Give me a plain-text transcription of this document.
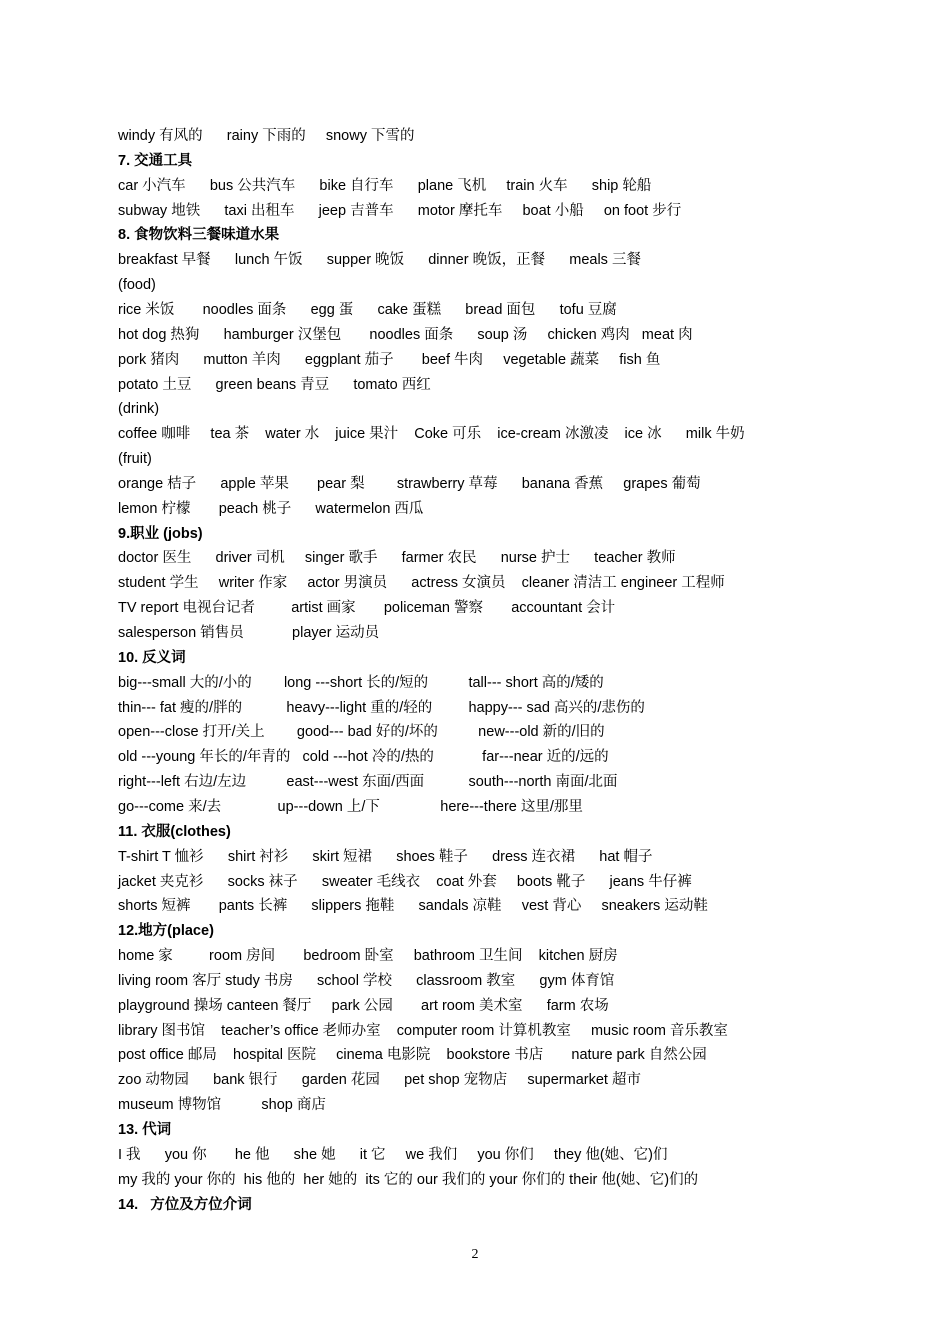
windy 有风的      rainy 下雨的     snowy 下雪的
7. 交通工具
car 小汽车      bus 公共汽车      bike 自行车      plane 飞机     train 火车      ship 轮船
subway 地铁      taxi 出租车      jeep 吉普车      motor 摩托车     boat 小船     on foot 步行
8. 食物饮料三餐味道水果
breakfast 早餐      lunch 午饭      supper 晚饭      dinner 晚饭，正餐      meals 三餐
(food)
rice 米饭       noodles 面条      egg 蛋      cake 蛋糕      bread 面包      tofu 豆腐
hot dog 热狗      hamburger 汉堡包       noodles 面条      soup 汤     chicken 鸡肉   meat 肉
pork 猪肉      mutton 羊肉      eggplant 茄子       beef 牛肉     vegetable 蔬菜     fish 鱼
potato 土豆      green beans 青豆      tomato 西红
(drink)
coffee 咖啡     tea 茶    water 水    juice 果汁    Coke 可乐    ice-cream 冰激凌    ice 冰      milk 牛奶
(fruit)
orange 桔子      apple 苹果       pear 梨        strawberry 草莓      banana 香蕉     grapes 葡萄
lemon 柠檬       peach 桃子      watermelon 西瓜
9.职业 (jobs)
doctor 医生      driver 司机     singer 歌手      farmer 农民      nurse 护士      teacher 教师
student 学生     writer 作家     actor 男演员      actress 女演员    cleaner 清洁工 engineer 工程师
TV report 电视台记者         artist 画家       policeman 警察       accountant 会计
salesperson 销售员            player 运动员
10. 反义词
big---small 大的/小的        long ---short 长的/短的          tall--- short 高的/矮的
thin--- fat 瘦的/胖的           heavy---light 重的/轻的         happy--- sad 高兴的/悲伤的
open---close 打开/关上        good--- bad 好的/坏的          new---old 新的/旧的
old ---young 年长的/年青的   cold ---hot 冷的/热的            far---near 近的/远的
right---left 右边/左边          east---west 东面/西面           south---north 南面/北面
go---come 来/去              up---down 上/下               here---there 这里/那里
11. 衣服(clothes)
T-shirt T 恤衫      shirt 衬衫      skirt 短裙      shoes 鞋子      dress 连衣裙      hat 帽子
jacket 夹克衫      socks 袜子      sweater 毛线衣    coat 外套     boots 靴子      jeans 牛仔裤
shorts 短裤       pants 长裤      slippers 拖鞋      sandals 凉鞋     vest 背心     sneakers 运动鞋
12.地方(place)
home 家         room 房间       bedroom 卧室     bathroom 卫生间    kitchen 厨房
living room 客厅 study 书房      school 学校      classroom 教室      gym 体育馆
playground 操场 canteen 餐厅     park 公园       art room 美术室      farm 农场
library 图书馆    teacher’s office 老师办室    computer room 计算机教室     music room 音乐教室
post office 邮局    hospital 医院     cinema 电影院    bookstore 书店       nature park 自然公园
zoo 动物园      bank 银行      garden 花园      pet shop 宠物店     supermarket 超市
museum 博物馆          shop 商店
13. 代词
I 我      you 你       he 他      she 她      it 它     we 我们     you 你们     they 他(她、它)们
my 我的 your 你的  his 他的  her 她的  its 它的 our 我们的 your 你们的 their 他(她、它)们的
14.   方位及方位介词
2
